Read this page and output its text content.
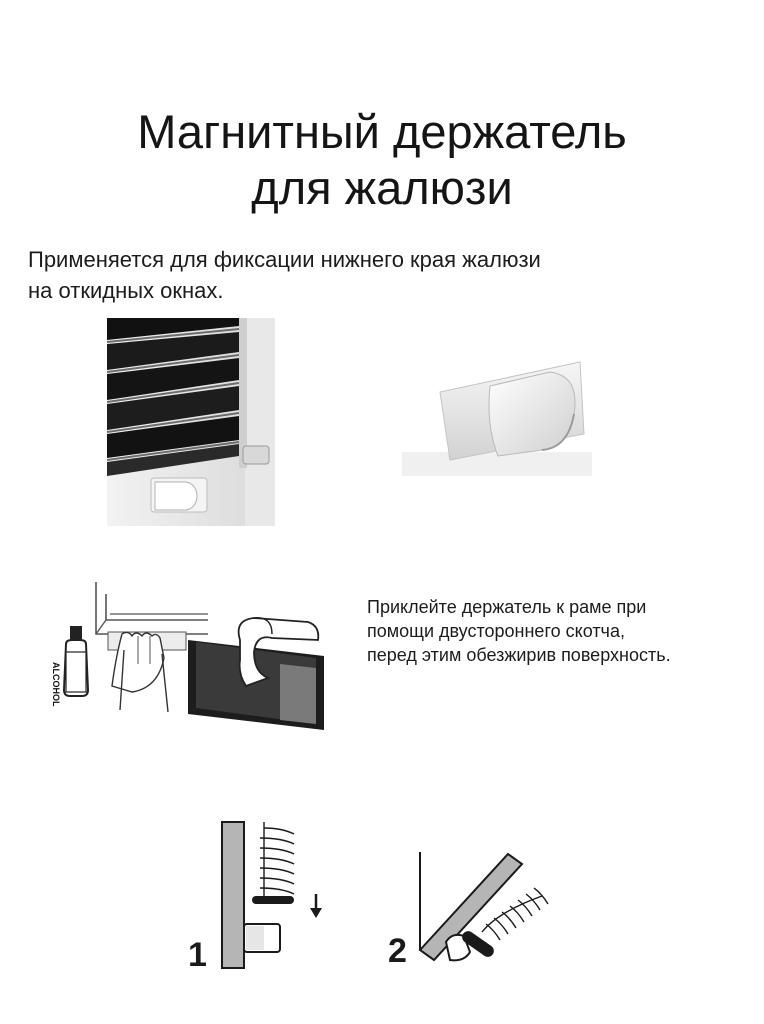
Магнитный держатель
для жалюзи
Применяется для фиксации нижнего края жалюзи
на откидных окнах.
ALCOHOL
Приклейте держатель к раме при
помощи двустороннего скотча,
перед этим обезжирив поверхность.
1	2
